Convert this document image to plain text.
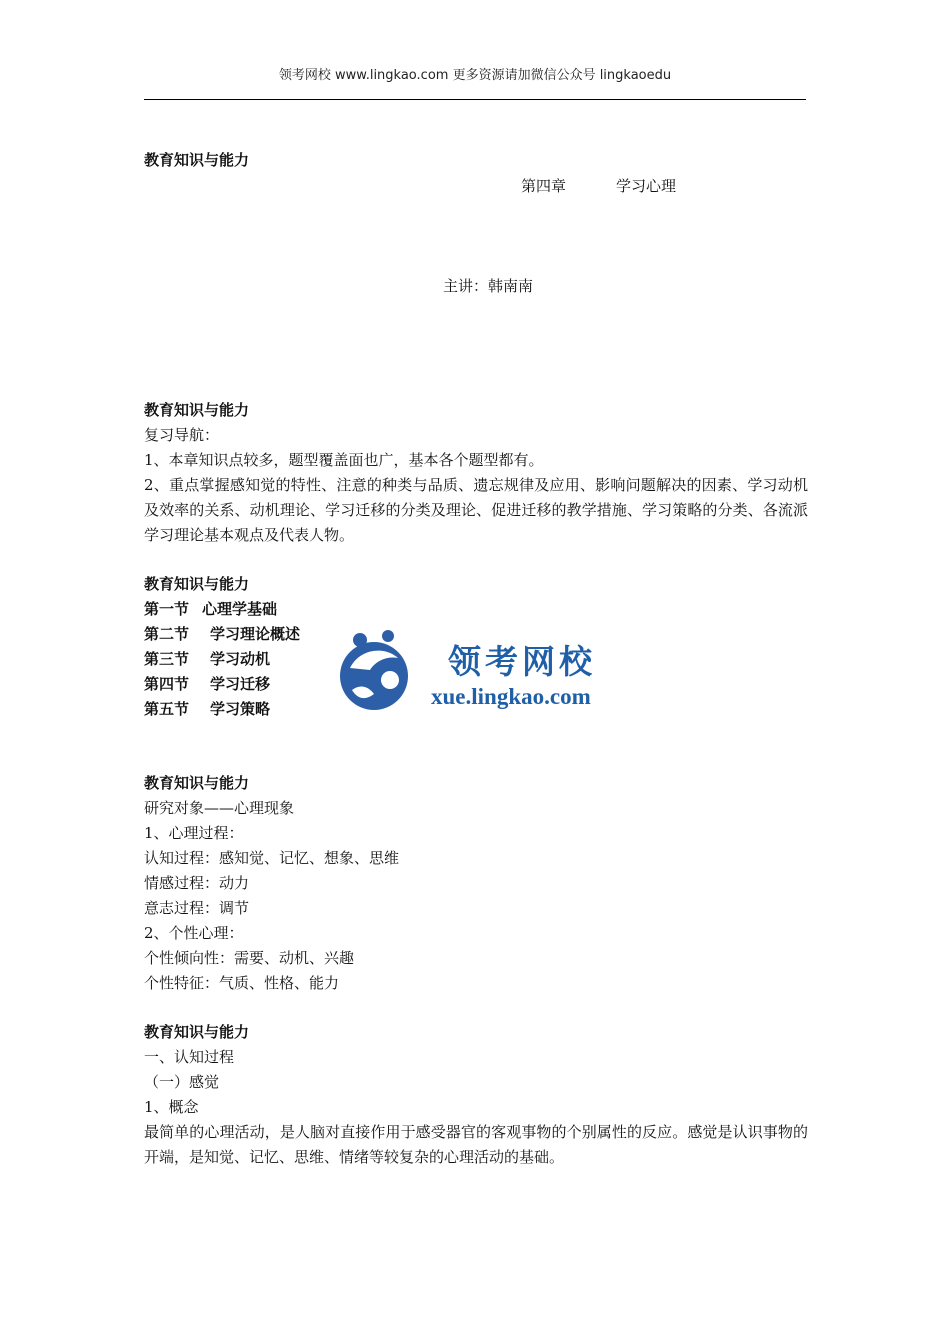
领考网校 www.lingkao.com 更多资源请加微信公众号 lingkaoedu
教育知识与能力
第四章	学习心理
主讲：韩南南
教育知识与能力
复习导航：
1、本章知识点较多，题型覆盖面也广，基本各个题型都有。
2、重点掌握感知觉的特性、注意的种类与品质、遗忘规律及应用、影响问题解决的因素、学习动机及效率的关系、动机理论、学习迁移的分类及理论、促进迁移的教学措施、学习策略的分类、各流派学习理论基本观点及代表人物。
教育知识与能力
第一节 心理学基础
第二节 学习理论概述
第三节 学习动机
第四节 学习迁移
第五节 学习策略
领考网校
xue.lingkao.com
教育知识与能力
研究对象——心理现象
1、心理过程：
认知过程：感知觉、记忆、想象、思维
情感过程：动力
意志过程：调节
2、个性心理：
个性倾向性：需要、动机、兴趣
个性特征：气质、性格、能力
教育知识与能力
一、认知过程
（一）感觉
1、概念
最简单的心理活动，是人脑对直接作用于感受器官的客观事物的个别属性的反应。感觉是认识事物的开端，是知觉、记忆、思维、情绪等较复杂的心理活动的基础。
